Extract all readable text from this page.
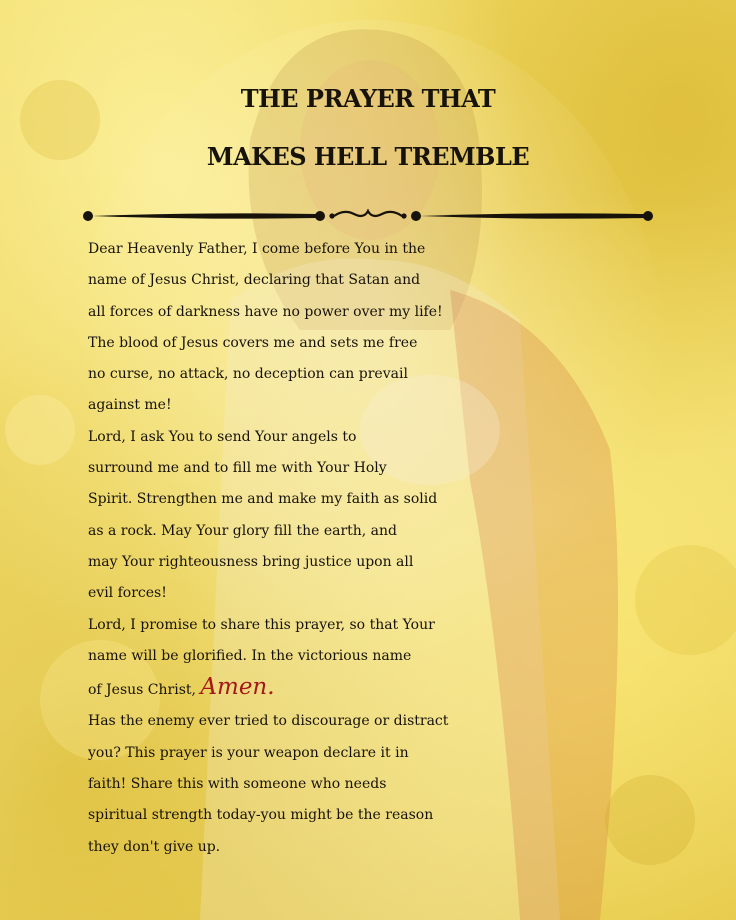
THE PRAYER THAT
MAKES HELL TREMBLE
Dear Heavenly Father, I come before You in the
name of Jesus Christ, declaring that Satan and
all forces of darkness have no power over my life!
The blood of Jesus covers me and sets me free
no curse, no attack, no deception can prevail
against me!
Lord, I ask You to send Your angels to
surround me and to fill me with Your Holy
Spirit. Strengthen me and make my faith as solid
as a rock. May Your glory fill the earth, and
may Your righteousness bring justice upon all
evil forces!
Lord, I promise to share this prayer, so that Your
name will be glorified. In the victorious name
of Jesus Christ, Amen.
Has the enemy ever tried to discourage or distract
you? This prayer is your weapon declare it in
faith! Share this with someone who needs
spiritual strength today-you might be the reason
they don't give up.
